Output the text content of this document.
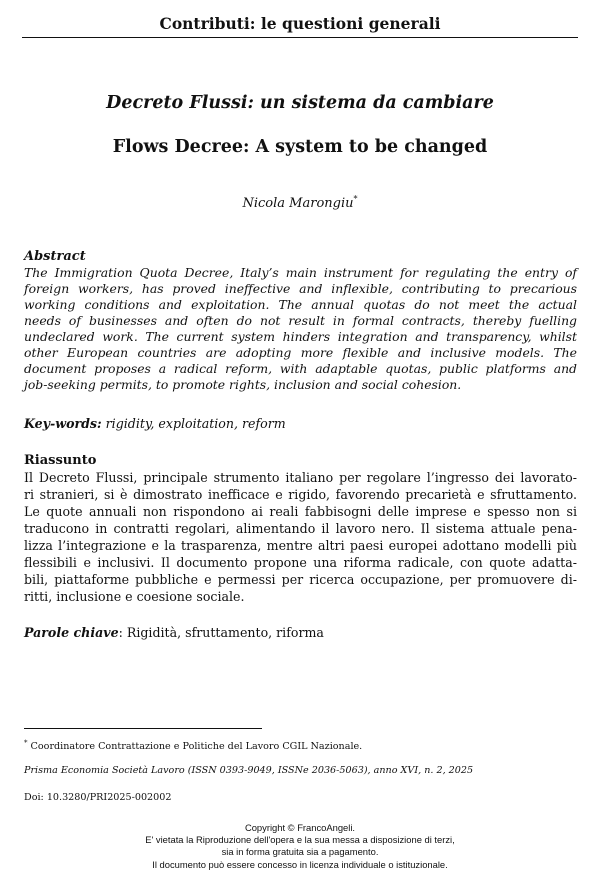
Contributi: le questioni generali
Decreto Flussi: un sistema da cambiare
Flows Decree: A system to be changed
Nicola Marongiu*
Abstract
The Immigration Quota Decree, Italy’s main instrument for regulating the entry of
foreign workers, has proved ineffective and inflexible, contributing to precarious
working conditions and exploitation. The annual quotas do not meet the actual
needs of businesses and often do not result in formal contracts, thereby fuelling
undeclared work. The current system hinders integration and transparency, whilst
other European countries are adopting more flexible and inclusive models. The
document proposes a radical reform, with adaptable quotas, public platforms and
job-seeking permits, to promote rights, inclusion and social cohesion.
Key-words: rigidity, exploitation, reform
Riassunto
Il Decreto Flussi, principale strumento italiano per regolare l’ingresso dei lavorato-
ri stranieri, si è dimostrato inefficace e rigido, favorendo precarietà e sfruttamento.
Le quote annuali non rispondono ai reali fabbisogni delle imprese e spesso non si
traducono in contratti regolari, alimentando il lavoro nero. Il sistema attuale pena-
lizza l’integrazione e la trasparenza, mentre altri paesi europei adottano modelli più
flessibili e inclusivi. Il documento propone una riforma radicale, con quote adatta-
bili, piattaforme pubbliche e permessi per ricerca occupazione, per promuovere di-
ritti, inclusione e coesione sociale.
Parole chiave: Rigidità, sfruttamento, riforma
* Coordinatore Contrattazione e Politiche del Lavoro CGIL Nazionale.
Prisma Economia Società Lavoro (ISSN 0393-9049, ISSNe 2036-5063), anno XVI, n. 2, 2025
Doi: 10.3280/PRI2025-002002
Copyright © FrancoAngeli.
E' vietata la Riproduzione dell'opera e la sua messa a disposizione di terzi,
sia in forma gratuita sia a pagamento.
Il documento può essere concesso in licenza individuale o istituzionale.
